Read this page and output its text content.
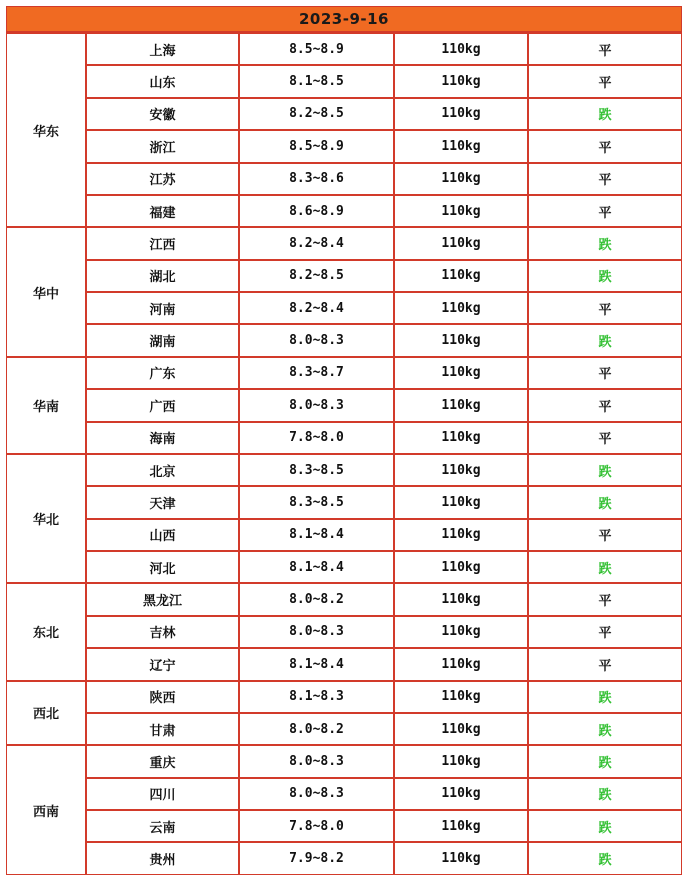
2023-9-16
华东	上海	8.5~8.9	110kg	平
	山东	8.1~8.5	110kg	平
	安徽	8.2~8.5	110kg	跌
	浙江	8.5~8.9	110kg	平
	江苏	8.3~8.6	110kg	平
	福建	8.6~8.9	110kg	平
华中	江西	8.2~8.4	110kg	跌
	湖北	8.2~8.5	110kg	跌
	河南	8.2~8.4	110kg	平
	湖南	8.0~8.3	110kg	跌
华南	广东	8.3~8.7	110kg	平
	广西	8.0~8.3	110kg	平
	海南	7.8~8.0	110kg	平
华北	北京	8.3~8.5	110kg	跌
	天津	8.3~8.5	110kg	跌
	山西	8.1~8.4	110kg	平
	河北	8.1~8.4	110kg	跌
东北	黑龙江	8.0~8.2	110kg	平
	吉林	8.0~8.3	110kg	平
	辽宁	8.1~8.4	110kg	平
西北	陕西	8.1~8.3	110kg	跌
	甘肃	8.0~8.2	110kg	跌
西南	重庆	8.0~8.3	110kg	跌
	四川	8.0~8.3	110kg	跌
	云南	7.8~8.0	110kg	跌
	贵州	7.9~8.2	110kg	跌
